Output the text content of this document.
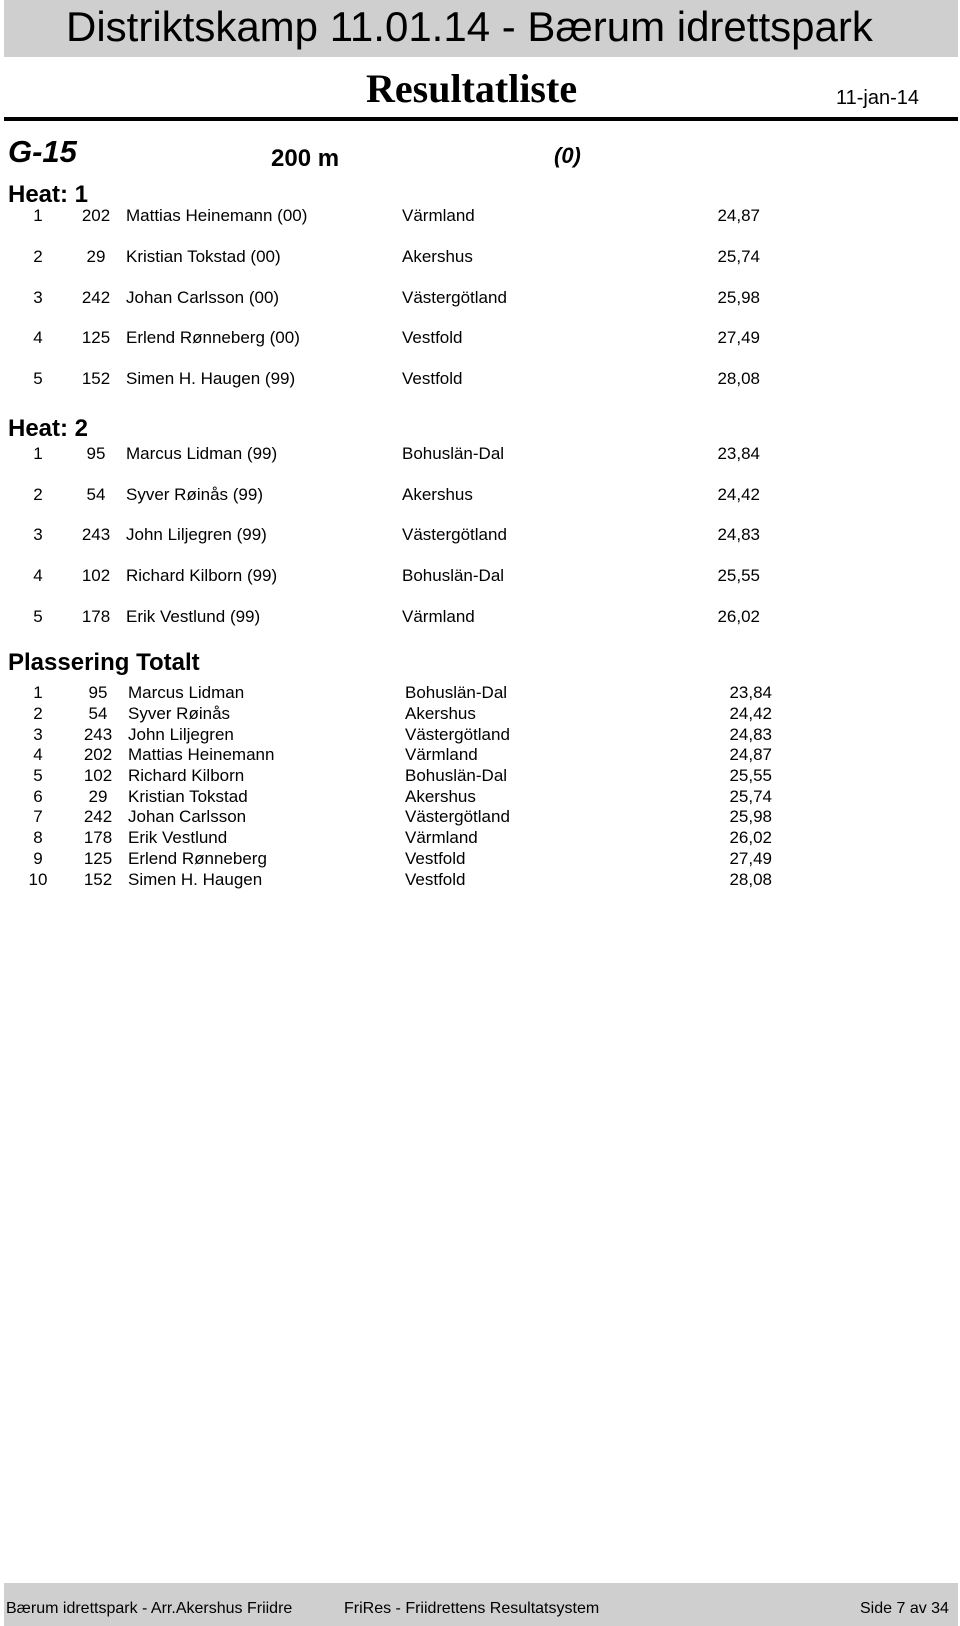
Distriktskamp 11.01.14 - Bærum idrettspark
Resultatliste	11-jan-14
G-15	200 m	(0)
Heat: 1
1	202 Mattias Heinemann (00)	Värmland	24,87
2	29	Kristian Tokstad (00)	Akershus	25,74
3	242 Johan Carlsson (00)	Västergötland	25,98
4	125 Erlend Rønneberg (00)	Vestfold	27,49
5	152 Simen H. Haugen (99)	Vestfold	28,08
Heat: 2
1	95	Marcus Lidman (99)	Bohuslän-Dal	23,84
2	54	Syver Røinås (99)	Akershus	24,42
3	243 John Liljegren (99)	Västergötland	24,83
4	102 Richard Kilborn (99)	Bohuslän-Dal	25,55
5	178 Erik Vestlund (99)	Värmland	26,02
Plassering Totalt
1	95	Marcus Lidman	Bohuslän-Dal	23,84
2	54	Syver Røinås	Akershus	24,42
3	243 John Liljegren	Västergötland	24,83
4	202 Mattias Heinemann	Värmland	24,87
5	102 Richard Kilborn	Bohuslän-Dal	25,55
6	29	Kristian Tokstad	Akershus	25,74
7	242 Johan Carlsson	Västergötland	25,98
8	178 Erik Vestlund	Värmland	26,02
9	125 Erlend Rønneberg	Vestfold	27,49
10	152 Simen H. Haugen	Vestfold	28,08
Bærum idrettspark - Arr.Akershus Friidre	FriRes - Friidrettens Resultatsystem	Side 7 av 34
